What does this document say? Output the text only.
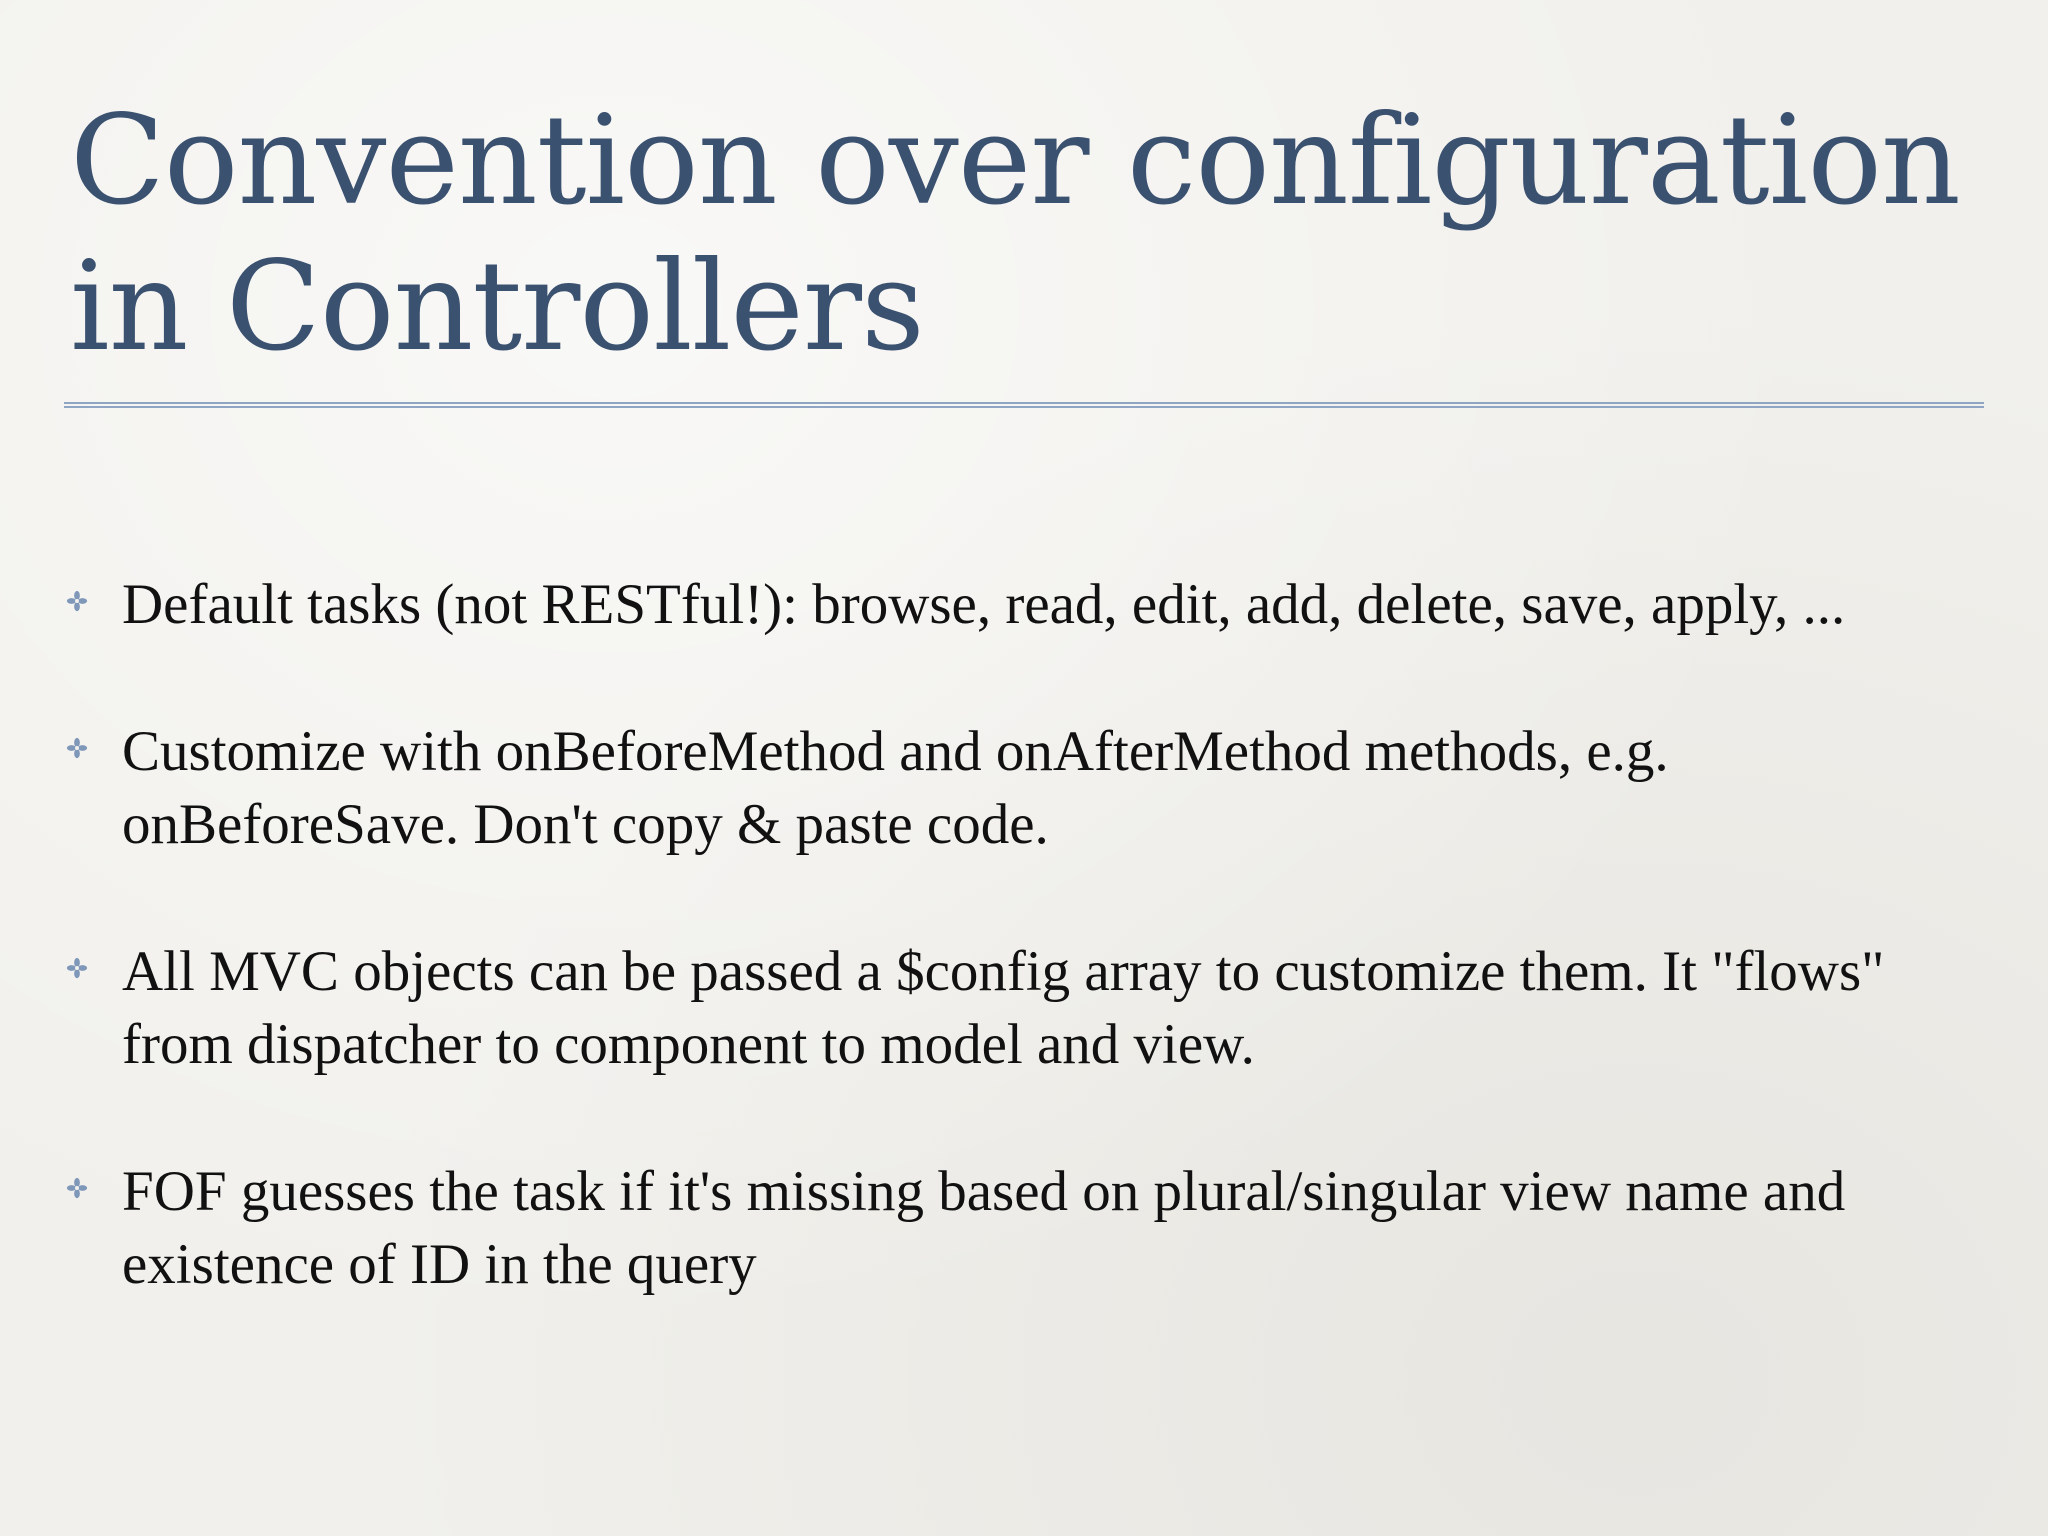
Convention over configuration in Controllers
Default tasks (not RESTful!): browse, read, edit, add, delete, save, apply, ...
Customize with onBeforeMethod and onAfterMethod methods, e.g. onBeforeSave. Don't copy & paste code.
All MVC objects can be passed a $config array to customize them. It "flows" from dispatcher to component to model and view.
FOF guesses the task if it's missing based on plural/singular view name and existence of ID in the query
